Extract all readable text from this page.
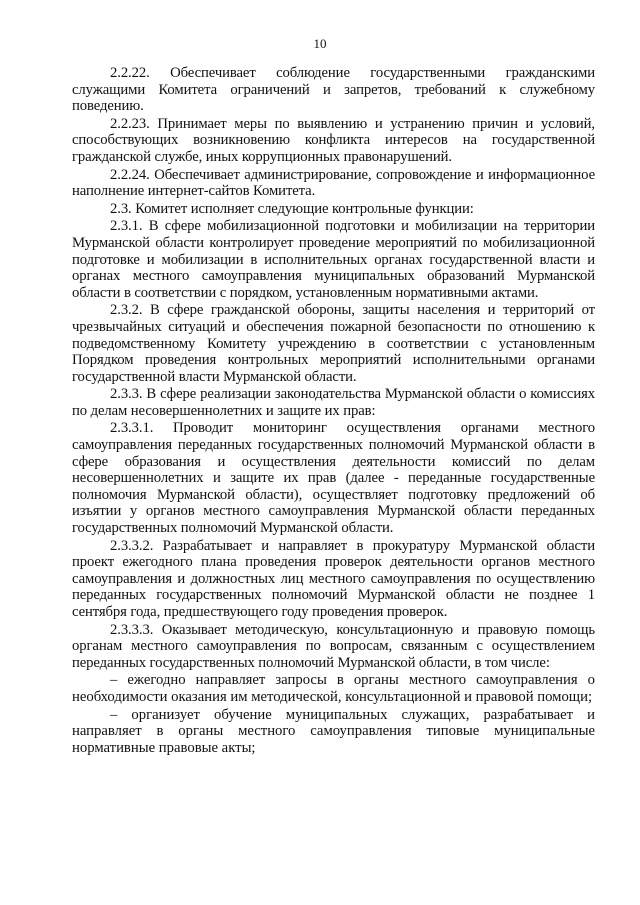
10

2.2.22. Обеспечивает соблюдение государственными гражданскими служащими Комитета ограничений и запретов, требований к служебному поведению.

2.2.23. Принимает меры по выявлению и устранению причин и условий, способствующих возникновению конфликта интересов на государственной гражданской службе, иных коррупционных правонарушений.

2.2.24. Обеспечивает администрирование, сопровождение и информационное наполнение интернет-сайтов Комитета.

2.3. Комитет исполняет следующие контрольные функции:

2.3.1. В сфере мобилизационной подготовки и мобилизации на территории Мурманской области контролирует проведение мероприятий по мобилизационной подготовке и мобилизации в исполнительных органах государственной власти и органах местного самоуправления муниципальных образований Мурманской области в соответствии с порядком, установленным нормативными актами.

2.3.2. В сфере гражданской обороны, защиты населения и территорий от чрезвычайных ситуаций и обеспечения пожарной безопасности по отношению к подведомственному Комитету учреждению в соответствии с установленным Порядком проведения контрольных мероприятий исполнительными органами государственной власти Мурманской области.

2.3.3. В сфере реализации законодательства Мурманской области о комиссиях по делам несовершеннолетних и защите их прав:

2.3.3.1. Проводит мониторинг осуществления органами местного самоуправления переданных государственных полномочий Мурманской области в сфере образования и осуществления деятельности комиссий по делам несовершеннолетних и защите их прав (далее - переданные государственные полномочия Мурманской области), осуществляет подготовку предложений об изъятии у органов местного самоуправления Мурманской области переданных государственных полномочий Мурманской области.

2.3.3.2. Разрабатывает и направляет в прокуратуру Мурманской области проект ежегодного плана проведения проверок деятельности органов местного самоуправления и должностных лиц местного самоуправления по осуществлению переданных государственных полномочий Мурманской области не позднее 1 сентября года, предшествующего году проведения проверок.

2.3.3.3. Оказывает методическую, консультационную и правовую помощь органам местного самоуправления по вопросам, связанным с осуществлением переданных государственных полномочий Мурманской области, в том числе:

– ежегодно направляет запросы в органы местного самоуправления о необходимости оказания им методической, консультационной и правовой помощи;

– организует обучение муниципальных служащих, разрабатывает и направляет в органы местного самоуправления типовые муниципальные нормативные правовые акты;
